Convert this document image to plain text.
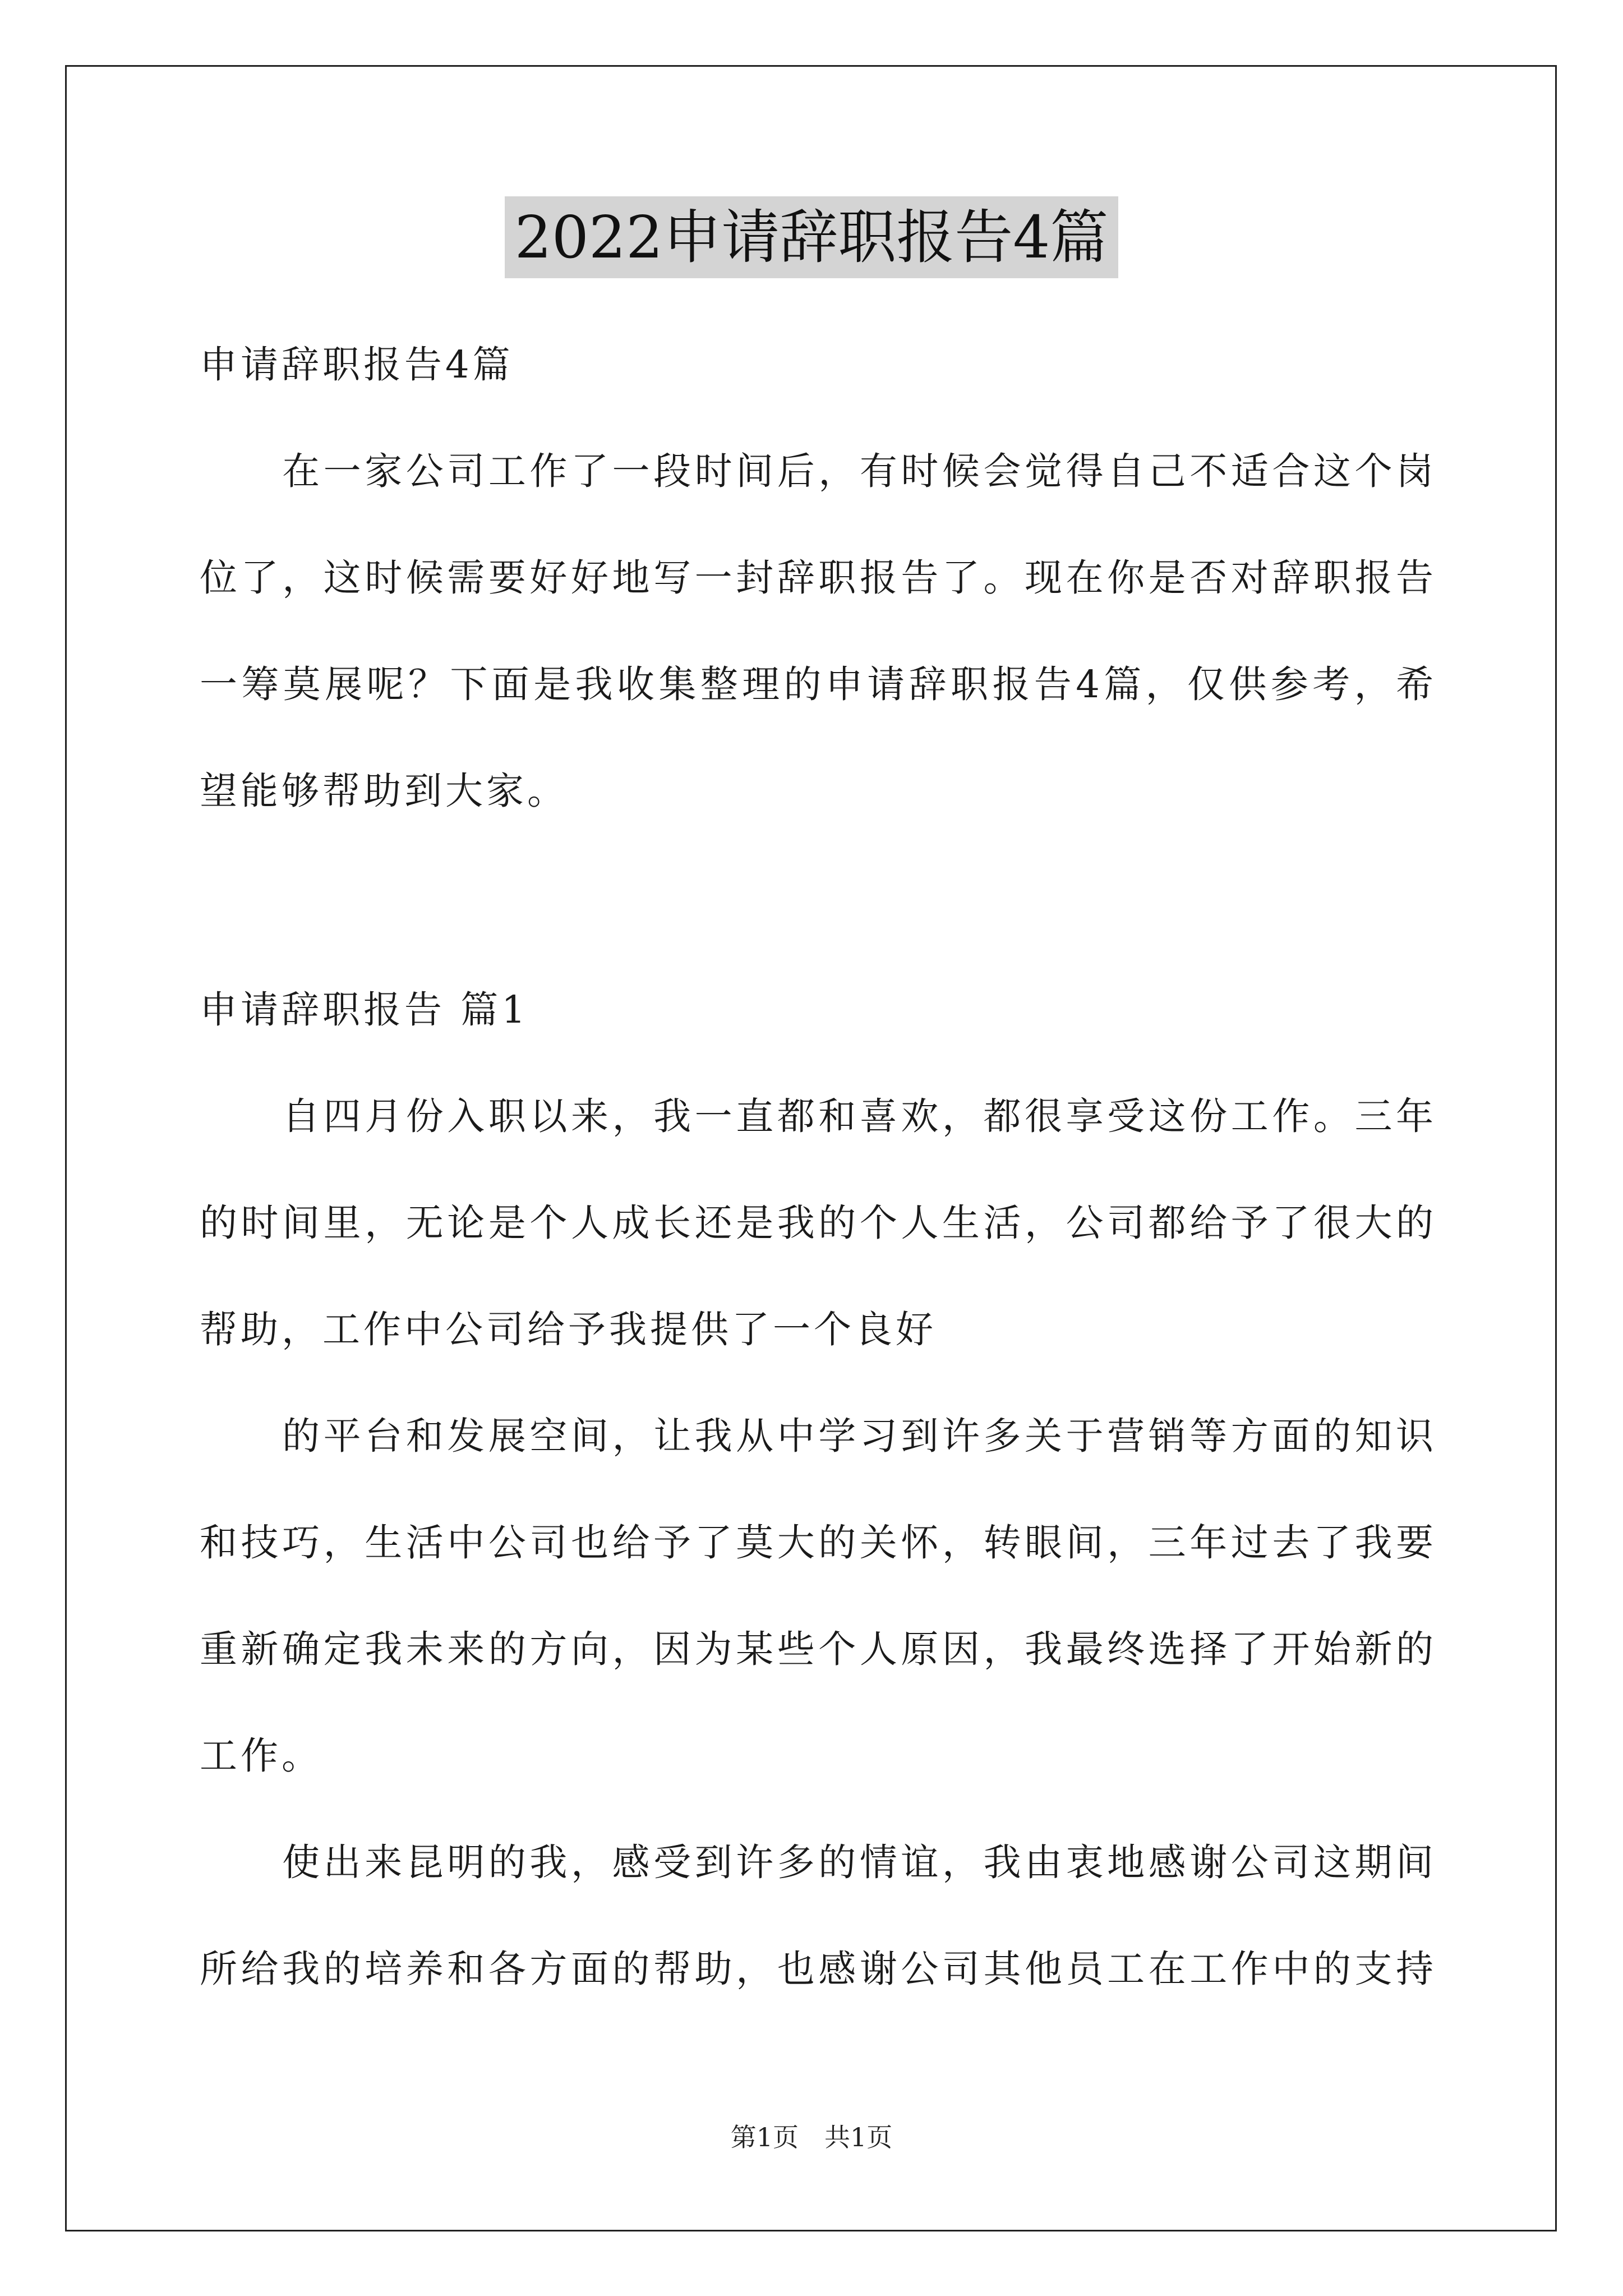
2022申请辞职报告4篇
申请辞职报告4篇
　　在一家公司工作了一段时间后，有时候会觉得自己不适合这个岗
位了，这时候需要好好地写一封辞职报告了。现在你是否对辞职报告
一筹莫展呢？下面是我收集整理的申请辞职报告4篇，仅供参考，希
望能够帮助到大家。
申请辞职报告 篇1
　　自四月份入职以来，我一直都和喜欢，都很享受这份工作。三年
的时间里，无论是个人成长还是我的个人生活，公司都给予了很大的
帮助，工作中公司给予我提供了一个良好
　　的平台和发展空间，让我从中学习到许多关于营销等方面的知识
和技巧，生活中公司也给予了莫大的关怀，转眼间，三年过去了我要
重新确定我未来的方向，因为某些个人原因，我最终选择了开始新的
工作。
　　使出来昆明的我，感受到许多的情谊，我由衷地感谢公司这期间
所给我的培养和各方面的帮助，也感谢公司其他员工在工作中的支持
第1页　共1页
